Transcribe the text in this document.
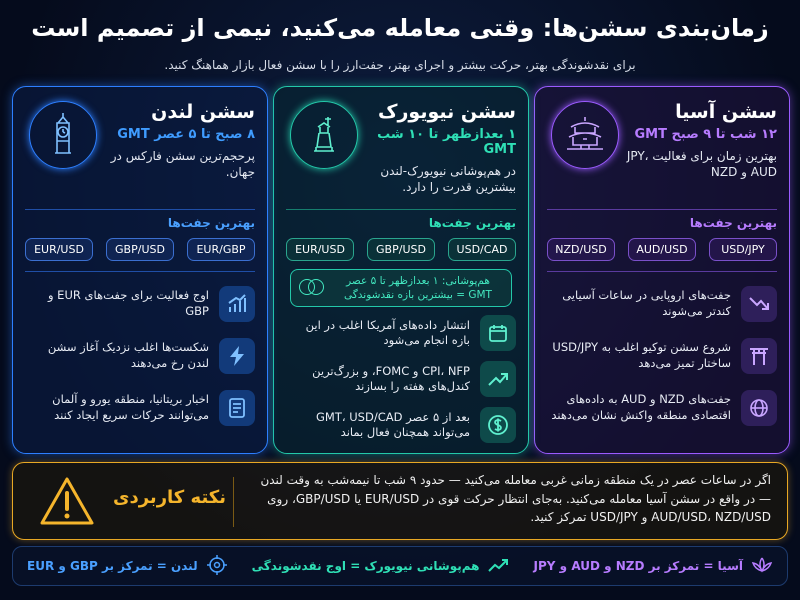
زمان‌بندی سشن‌ها: وقتی معامله می‌کنید، نیمی از تصمیم است
برای نقدشوندگی بهتر، حرکت بیشتر و اجرای بهتر، جفت‌ارز را با سشن فعال بازار هماهنگ کنید.
سشن آسیا
۱۲ شب تا ۹ صبح GMT
بهترین زمان برای فعالیت JPY، AUD و NZD
بهترین جفت‌ها
USD/JPY
AUD/USD
NZD/USD
جفت‌های اروپایی در ساعات آسیایی کندتر می‌شوند
شروع سشن توکیو اغلب به USD/JPY ساختار تمیز می‌دهد
جفت‌های NZD و AUD به داده‌های اقتصادی منطقه واکنش نشان می‌دهند
سشن نیویورک
۱ بعدازظهر تا ۱۰ شب GMT
در هم‌پوشانی نیویورک-لندن بیشترین قدرت را دارد.
بهترین جفت‌ها
USD/CAD
GBP/USD
EUR/USD
هم‌پوشانی: ۱ بعدازظهر تا ۵ عصر GMT = بیشترین بازه نقدشوندگی
انتشار داده‌های آمریکا اغلب در این بازه انجام می‌شود
CPI، NFP و FOMC، و بزرگ‌ترین کندل‌های هفته را بسازند
بعد از ۵ عصر GMT، USD/CAD می‌تواند همچنان فعال بماند
سشن لندن
۸ صبح تا ۵ عصر GMT
پرحجم‌ترین سشن فارکس در جهان.
بهترین جفت‌ها
EUR/GBP
GBP/USD
EUR/USD
اوج فعالیت برای جفت‌های EUR و GBP
شکست‌ها اغلب نزدیک آغاز سشن لندن رخ می‌دهند
اخبار بریتانیا، منطقه یورو و آلمان می‌توانند حرکات سریع ایجاد کنند
نکته کاربردی
اگر در ساعات عصر در یک منطقه زمانی غربی معامله می‌کنید — حدود ۹ شب تا نیمه‌شب به وقت لندن — در واقع در سشن آسیا معامله می‌کنید. به‌جای انتظار حرکت قوی در EUR/USD یا GBP/USD، روی AUD/USD، NZD/USD و USD/JPY تمرکز کنید.
آسیا = تمرکز بر NZD و AUD و JPY
هم‌پوشانی نیویورک = اوج نقدشوندگی
لندن = تمرکز بر GBP و EUR
